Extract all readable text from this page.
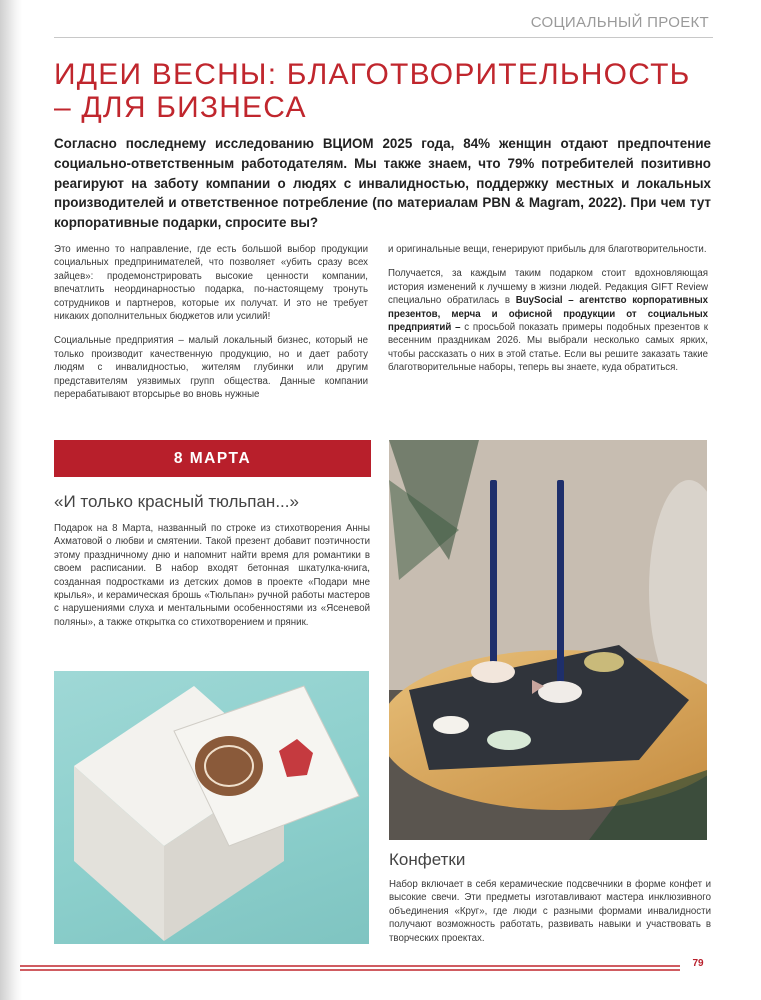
СОЦИАЛЬНЫЙ ПРОЕКТ
ИДЕИ ВЕСНЫ: БЛАГОТВОРИТЕЛЬНОСТЬ – ДЛЯ БИЗНЕСА

Согласно последнему исследованию ВЦИОМ 2025 года, 84% женщин отдают предпочтение социально-ответственным работодателям. Мы также знаем, что 79% потребителей позитивно реагируют на заботу компании о людях с инвалидностью, поддержку местных и локальных производителей и ответственное потребление (по материалам PBN & Magram, 2022). При чем тут корпоративные подарки, спросите вы?

Это именно то направление, где есть большой выбор продукции социальных предпринимателей, что позволяет «убить сразу всех зайцев»: продемонстрировать высокие ценности компании, впечатлить неординарностью подарка, по-настоящему тронуть сотрудников и партнеров, которые их получат. И это не требует никаких дополнительных бюджетов или усилий!

Социальные предприятия – малый локальный бизнес, который не только производит качественную продукцию, но и дает работу людям с инвалидностью, жителям глубинки или другим представителям уязвимых групп общества. Данные компании перерабатывают вторсырье во вновь нужные

и оригинальные вещи, генерируют прибыль для благотворительности.

Получается, за каждым таким подарком стоит вдохновляющая история изменений к лучшему в жизни людей. Редакция GIFT Review специально обратилась в BuySocial – агентство корпоративных презентов, мерча и офисной продукции от социальных предприятий – с просьбой показать примеры подобных презентов к весенним праздникам 2026. Мы выбрали несколько самых ярких, чтобы рассказать о них в этой статье. Если вы решите заказать такие благотворительные наборы, теперь вы знаете, куда обратиться.

8 МАРТА
«И только красный тюльпан...»

Подарок на 8 Марта, названный по строке из стихотворения Анны Ахматовой о любви и смятении. Такой презент добавит поэтичности этому праздничному дню и напомнит найти время для романтики в своем расписании. В набор входят бетонная шкатулка-книга, созданная подростками из детских домов в проекте «Подари мне крылья», и керамическая брошь «Тюльпан» ручной работы мастеров с нарушениями слуха и ментальными особенностями из «Ясеневой поляны», а также открытка со стихотворением и пряник.

Конфетки

Набор включает в себя керамические подсвечники в форме конфет и высокие свечи. Эти предметы изготавливают мастера инклюзивного объединения «Круг», где люди с разными формами инвалидности получают возможность работать, развивать навыки и участвовать в творческих проектах.

79
